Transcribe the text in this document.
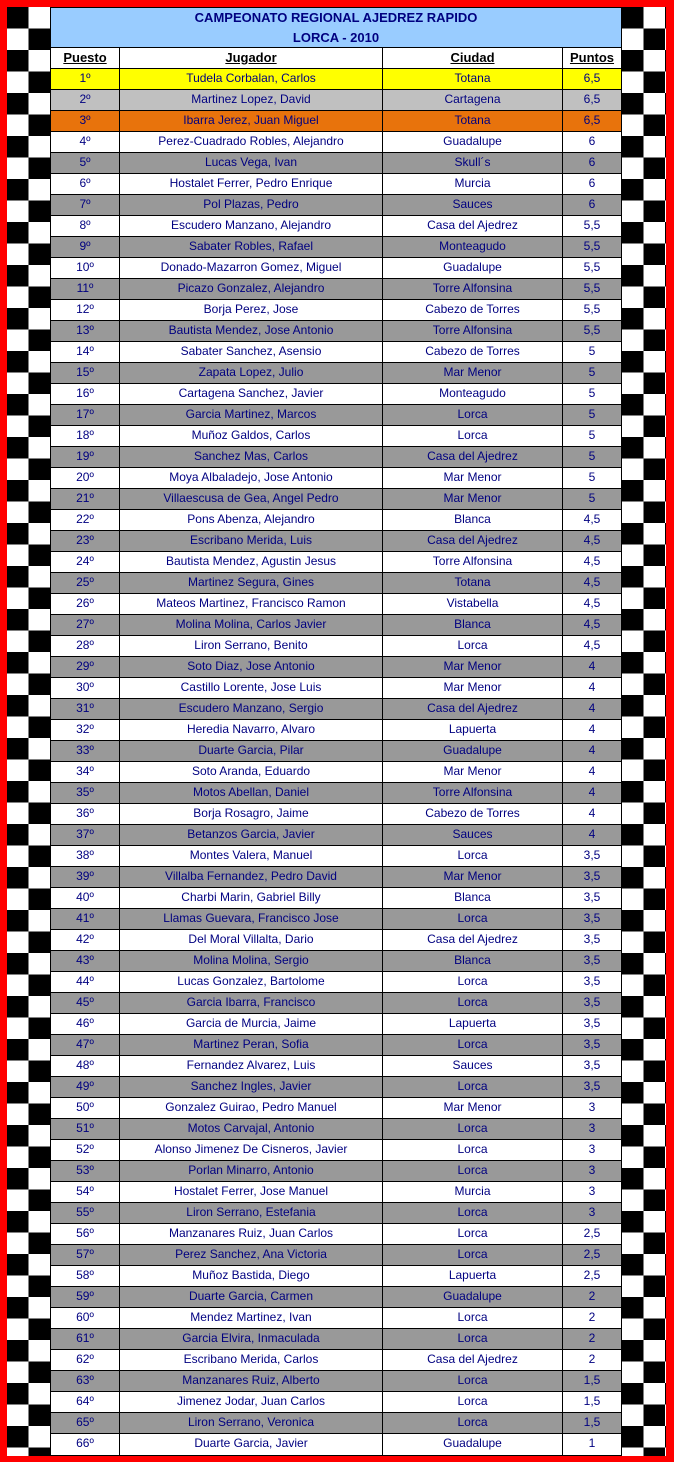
CAMPEONATO REGIONAL AJEDREZ RAPIDO
LORCA - 2010
Puesto	Jugador	Ciudad	Puntos
1º	Tudela Corbalan, Carlos	Totana	6,5
2º	Martinez Lopez, David	Cartagena	6,5
3º	Ibarra Jerez, Juan Miguel	Totana	6,5
4º	Perez-Cuadrado Robles, Alejandro	Guadalupe	6
5º	Lucas Vega, Ivan	Skull´s	6
6º	Hostalet Ferrer, Pedro Enrique	Murcia	6
7º	Pol Plazas, Pedro	Sauces	6
8º	Escudero Manzano, Alejandro	Casa del Ajedrez	5,5
9º	Sabater Robles, Rafael	Monteagudo	5,5
10º	Donado-Mazarron Gomez, Miguel	Guadalupe	5,5
11º	Picazo Gonzalez, Alejandro	Torre Alfonsina	5,5
12º	Borja Perez, Jose	Cabezo de Torres	5,5
13º	Bautista Mendez, Jose Antonio	Torre Alfonsina	5,5
14º	Sabater Sanchez, Asensio	Cabezo de Torres	5
15º	Zapata Lopez, Julio	Mar Menor	5
16º	Cartagena Sanchez, Javier	Monteagudo	5
17º	Garcia Martinez, Marcos	Lorca	5
18º	Muñoz Galdos, Carlos	Lorca	5
19º	Sanchez Mas, Carlos	Casa del Ajedrez	5
20º	Moya Albaladejo, Jose Antonio	Mar Menor	5
21º	Villaescusa de Gea, Angel Pedro	Mar Menor	5
22º	Pons Abenza, Alejandro	Blanca	4,5
23º	Escribano Merida, Luis	Casa del Ajedrez	4,5
24º	Bautista Mendez, Agustin Jesus	Torre Alfonsina	4,5
25º	Martinez Segura, Gines	Totana	4,5
26º	Mateos Martinez, Francisco Ramon	Vistabella	4,5
27º	Molina Molina, Carlos Javier	Blanca	4,5
28º	Liron Serrano, Benito	Lorca	4,5
29º	Soto Diaz, Jose Antonio	Mar Menor	4
30º	Castillo Lorente, Jose Luis	Mar Menor	4
31º	Escudero Manzano, Sergio	Casa del Ajedrez	4
32º	Heredia Navarro, Alvaro	Lapuerta	4
33º	Duarte Garcia, Pilar	Guadalupe	4
34º	Soto Aranda, Eduardo	Mar Menor	4
35º	Motos Abellan, Daniel	Torre Alfonsina	4
36º	Borja Rosagro, Jaime	Cabezo de Torres	4
37º	Betanzos Garcia, Javier	Sauces	4
38º	Montes Valera, Manuel	Lorca	3,5
39º	Villalba Fernandez, Pedro David	Mar Menor	3,5
40º	Charbi Marin, Gabriel Billy	Blanca	3,5
41º	Llamas Guevara, Francisco Jose	Lorca	3,5
42º	Del Moral Villalta, Dario	Casa del Ajedrez	3,5
43º	Molina Molina, Sergio	Blanca	3,5
44º	Lucas Gonzalez, Bartolome	Lorca	3,5
45º	Garcia Ibarra, Francisco	Lorca	3,5
46º	Garcia de Murcia, Jaime	Lapuerta	3,5
47º	Martinez Peran, Sofia	Lorca	3,5
48º	Fernandez Alvarez, Luis	Sauces	3,5
49º	Sanchez Ingles, Javier	Lorca	3,5
50º	Gonzalez Guirao, Pedro Manuel	Mar Menor	3
51º	Motos Carvajal, Antonio	Lorca	3
52º	Alonso Jimenez De Cisneros, Javier	Lorca	3
53º	Porlan Minarro, Antonio	Lorca	3
54º	Hostalet Ferrer, Jose Manuel	Murcia	3
55º	Liron Serrano, Estefania	Lorca	3
56º	Manzanares Ruiz, Juan Carlos	Lorca	2,5
57º	Perez Sanchez, Ana Victoria	Lorca	2,5
58º	Muñoz Bastida, Diego	Lapuerta	2,5
59º	Duarte Garcia, Carmen	Guadalupe	2
60º	Mendez Martinez, Ivan	Lorca	2
61º	Garcia Elvira, Inmaculada	Lorca	2
62º	Escribano Merida, Carlos	Casa del Ajedrez	2
63º	Manzanares Ruiz, Alberto	Lorca	1,5
64º	Jimenez Jodar, Juan Carlos	Lorca	1,5
65º	Liron Serrano, Veronica	Lorca	1,5
66º	Duarte Garcia, Javier	Guadalupe	1
